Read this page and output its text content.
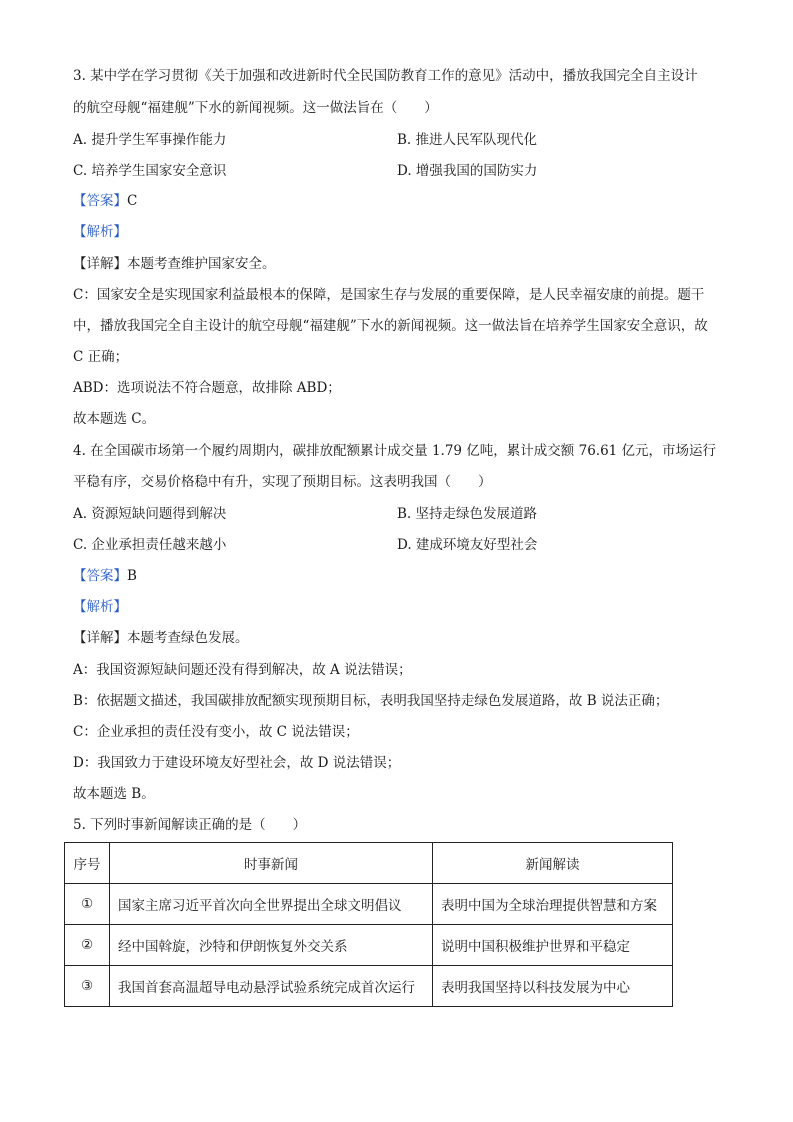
3. 某中学在学习贯彻《关于加强和改进新时代全民国防教育工作的意见》活动中，播放我国完全自主设计
的航空母舰“福建舰”下水的新闻视频。这一做法旨在（　　）
A. 提升学生军事操作能力	B. 推进人民军队现代化
C. 培养学生国家安全意识	D. 增强我国的国防实力
【答案】C
【解析】
【详解】本题考查维护国家安全。
C：国家安全是实现国家利益最根本的保障，是国家生存与发展的重要保障，是人民幸福安康的前提。题干
中，播放我国完全自主设计的航空母舰“福建舰”下水的新闻视频。这一做法旨在培养学生国家安全意识，故
C 正确；
ABD：选项说法不符合题意，故排除 ABD；
故本题选 C。
4. 在全国碳市场第一个履约周期内，碳排放配额累计成交量 1.79 亿吨，累计成交额 76.61 亿元，市场运行
平稳有序，交易价格稳中有升，实现了预期目标。这表明我国（　　）
A. 资源短缺问题得到解决	B. 坚持走绿色发展道路
C. 企业承担责任越来越小	D. 建成环境友好型社会
【答案】B
【解析】
【详解】本题考查绿色发展。
A：我国资源短缺问题还没有得到解决，故 A 说法错误；
B：依据题文描述，我国碳排放配额实现预期目标，表明我国坚持走绿色发展道路，故 B 说法正确；
C：企业承担的责任没有变小，故 C 说法错误；
D：我国致力于建设环境友好型社会，故 D 说法错误；
故本题选 B。
5. 下列时事新闻解读正确的是（　　）
序号	时事新闻	新闻解读
①	国家主席习近平首次向全世界提出全球文明倡议	表明中国为全球治理提供智慧和方案
②	经中国斡旋，沙特和伊朗恢复外交关系	说明中国积极维护世界和平稳定
③	我国首套高温超导电动悬浮试验系统完成首次运行	表明我国坚持以科技发展为中心
